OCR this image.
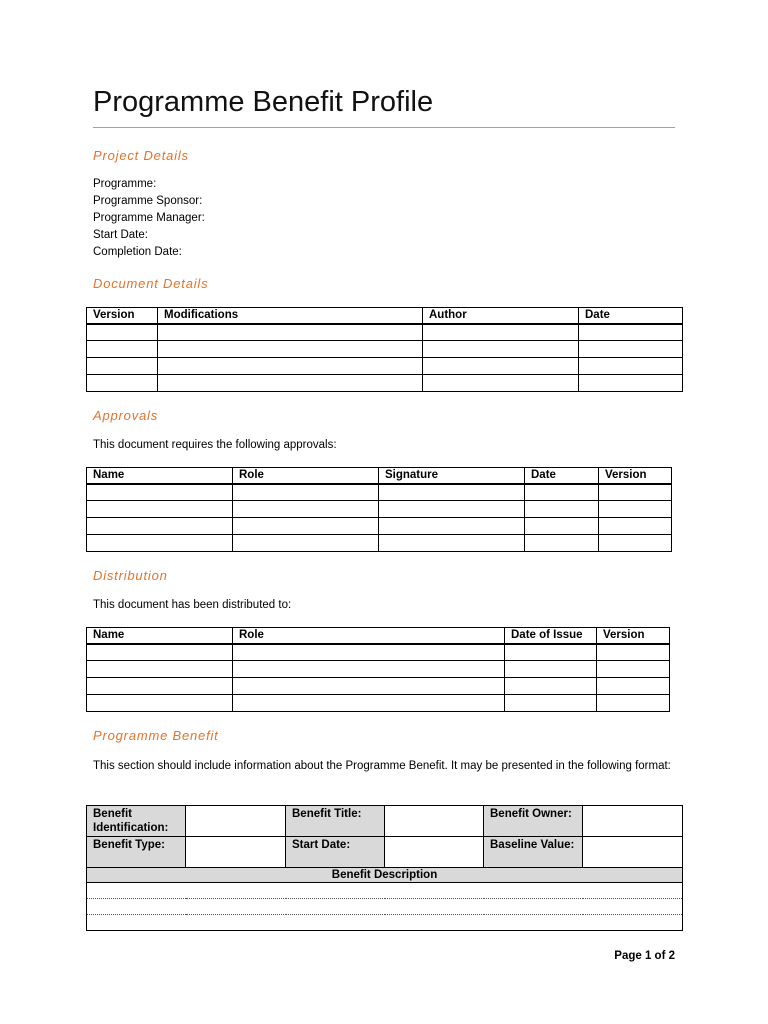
Programme Benefit Profile
Project Details
Programme:
Programme Sponsor:
Programme Manager:
Start Date:
Completion Date:
Document Details
Version	Modifications	Author	Date

Approvals
This document requires the following approvals:
Name	Role	Signature	Date	Version

Distribution
This document has been distributed to:
Name	Role	Date of Issue	Version

Programme Benefit
This section should include information about the Programme Benefit. It may be presented in the following format:
Benefit Identification:		Benefit Title:		Benefit Owner:	
Benefit Type:		Start Date:		Baseline Value:	
Benefit Description					

Page 1 of 2
